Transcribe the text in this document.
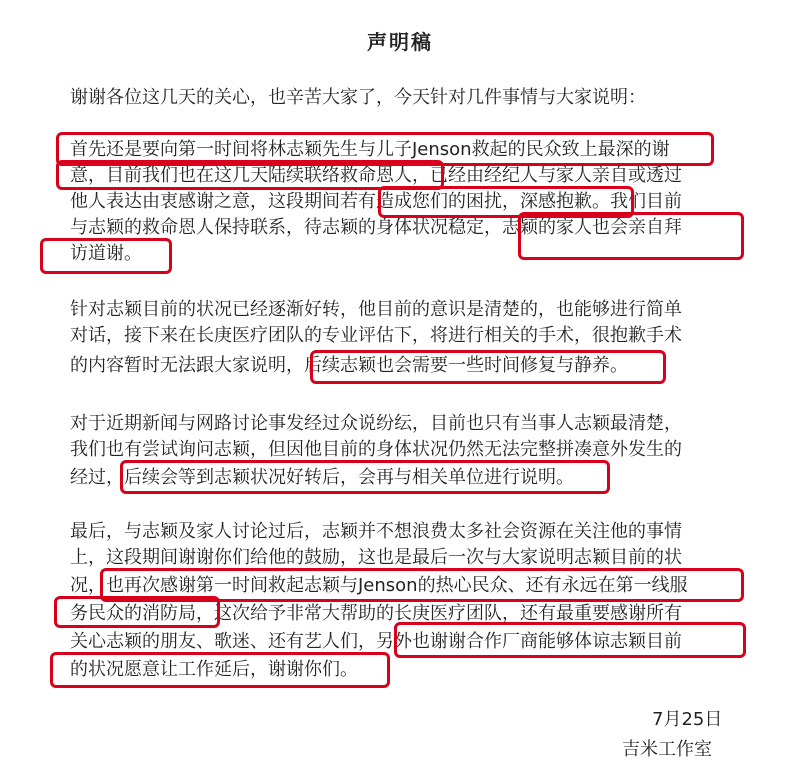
声明稿
谢谢各位这几天的关心，也辛苦大家了，今天针对几件事情与大家说明：
首先还是要向第一时间将林志颖先生与儿子Jenson救起的民众致上最深的谢
意，目前我们也在这几天陆续联络救命恩人，已经由经纪人与家人亲自或透过
他人表达由衷感谢之意，这段期间若有造成您们的困扰，深感抱歉。我们目前
与志颖的救命恩人保持联系，待志颖的身体状况稳定，志颖的家人也会亲自拜
访道谢。
针对志颖目前的状况已经逐渐好转，他目前的意识是清楚的，也能够进行简单
对话，接下来在长庚医疗团队的专业评估下，将进行相关的手术，很抱歉手术
的内容暂时无法跟大家说明，后续志颖也会需要一些时间修复与静养。
对于近期新闻与网路讨论事发经过众说纷纭，目前也只有当事人志颖最清楚，
我们也有尝试询问志颖，但因他目前的身体状况仍然无法完整拼凑意外发生的
经过，后续会等到志颖状况好转后，会再与相关单位进行说明。
最后，与志颖及家人讨论过后，志颖并不想浪费太多社会资源在关注他的事情
上，这段期间谢谢你们给他的鼓励，这也是最后一次与大家说明志颖目前的状
况，也再次感谢第一时间救起志颖与Jenson的热心民众、还有永远在第一线服
务民众的消防局，这次给予非常大帮助的长庚医疗团队，还有最重要感谢所有
关心志颖的朋友、歌迷、还有艺人们，另外也谢谢合作厂商能够体谅志颖目前
的状况愿意让工作延后，谢谢你们。
7月25日
吉米工作室
